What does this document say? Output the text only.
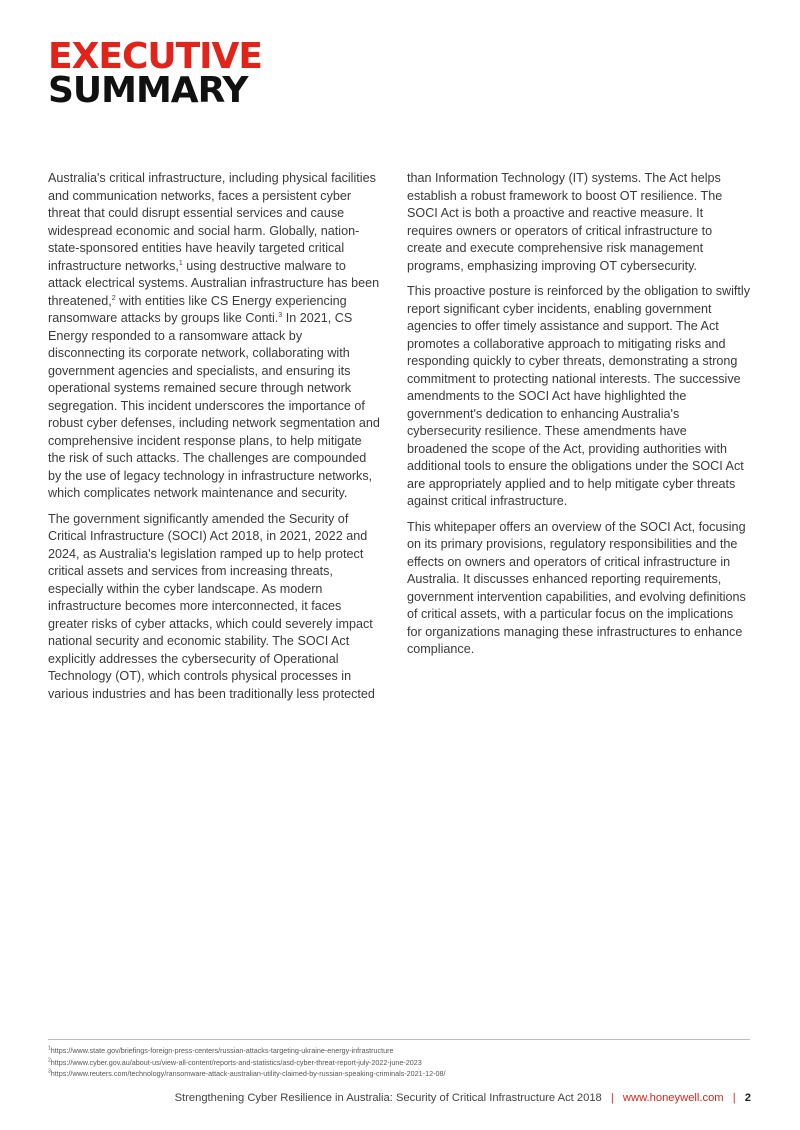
EXECUTIVE
SUMMARY

Australia's critical infrastructure, including physical facilities and communication networks, faces a persistent cyber threat that could disrupt essential services and cause widespread economic and social harm. Globally, nation-state-sponsored entities have heavily targeted critical infrastructure networks,$^1$ using destructive malware to attack electrical systems. Australian infrastructure has been threatened,$^2$ with entities like CS Energy experiencing ransomware attacks by groups like Conti.$^3$ In 2021, CS Energy responded to a ransomware attack by disconnecting its corporate network, collaborating with government agencies and specialists, and ensuring its operational systems remained secure through network segregation. This incident underscores the importance of robust cyber defenses, including network segmentation and comprehensive incident response plans, to help mitigate the risk of such attacks. The challenges are compounded by the use of legacy technology in infrastructure networks, which complicates network maintenance and security.

The government significantly amended the Security of Critical Infrastructure (SOCI) Act 2018, in 2021, 2022 and 2024, as Australia's legislation ramped up to help protect critical assets and services from increasing threats, especially within the cyber landscape. As modern infrastructure becomes more interconnected, it faces greater risks of cyber attacks, which could severely impact national security and economic stability. The SOCI Act explicitly addresses the cybersecurity of Operational Technology (OT), which controls physical processes in various industries and has been traditionally less protected

than Information Technology (IT) systems. The Act helps establish a robust framework to boost OT resilience. The SOCI Act is both a proactive and reactive measure. It requires owners or operators of critical infrastructure to create and execute comprehensive risk management programs, emphasizing improving OT cybersecurity.

This proactive posture is reinforced by the obligation to swiftly report significant cyber incidents, enabling government agencies to offer timely assistance and support. The Act promotes a collaborative approach to mitigating risks and responding quickly to cyber threats, demonstrating a strong commitment to protecting national interests. The successive amendments to the SOCI Act have highlighted the government's dedication to enhancing Australia's cybersecurity resilience. These amendments have broadened the scope of the Act, providing authorities with additional tools to ensure the obligations under the SOCI Act are appropriately applied and to help mitigate cyber threats against critical infrastructure.

This whitepaper offers an overview of the SOCI Act, focusing on its primary provisions, regulatory responsibilities and the effects on owners and operators of critical infrastructure in Australia. It discusses enhanced reporting requirements, government intervention capabilities, and evolving definitions of critical assets, with a particular focus on the implications for organizations managing these infrastructures to enhance compliance.

$^1$https://www.state.gov/briefings-foreign-press-centers/russian-attacks-targeting-ukraine-energy-infrastructure
$^2$https://www.cyber.gov.au/about-us/view-all-content/reports-and-statistics/asd-cyber-threat-report-july-2022-june-2023
$^3$https://www.reuters.com/technology/ransomware-attack-australian-utility-claimed-by-russian-speaking-criminals-2021-12-08/
Strengthening Cyber Resilience in Australia: Security of Critical Infrastructure Act 2018 | www.honeywell.com | 2
